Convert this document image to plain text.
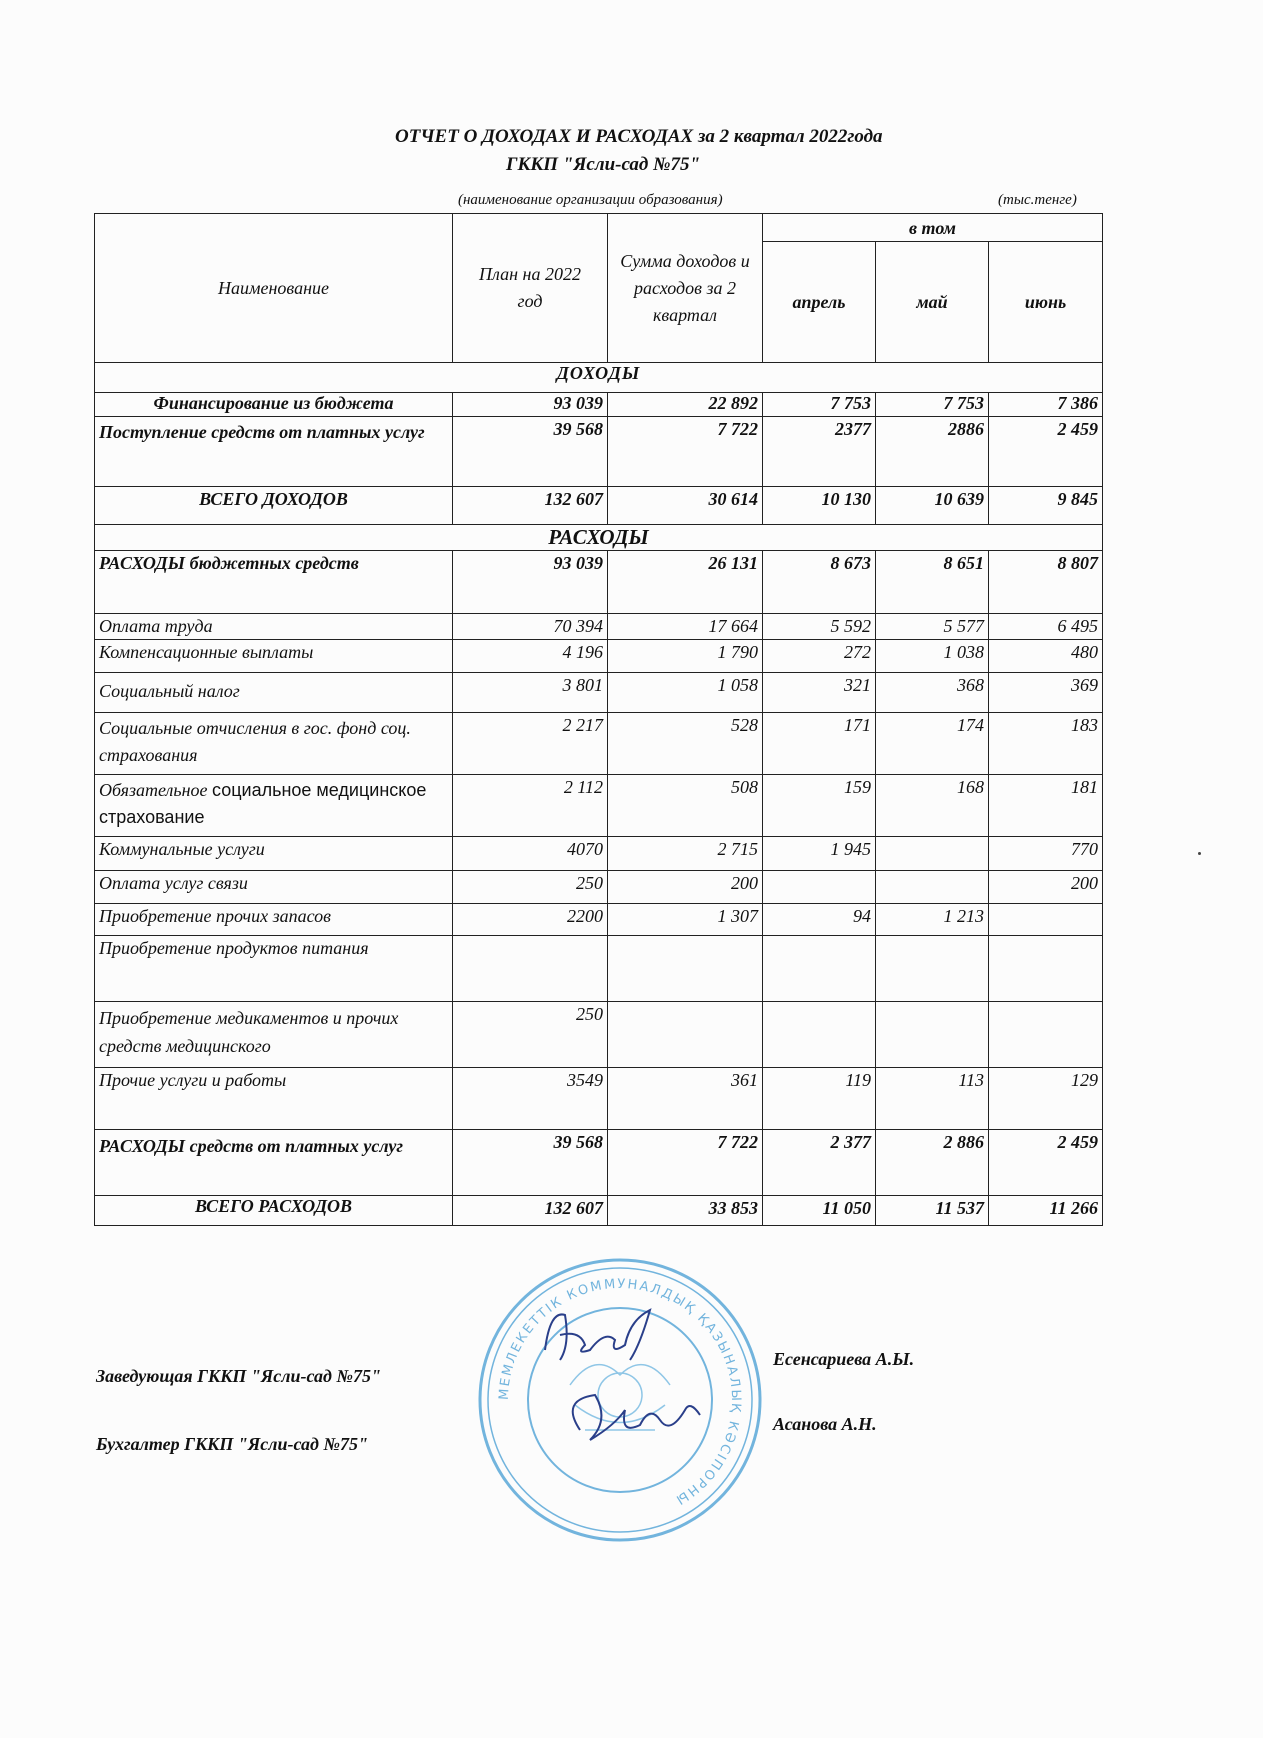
ОТЧЕТ О ДОХОДАХ И РАСХОДАХ за 2 квартал 2022года
ГККП "Ясли-сад №75"
(наименование организации образования)	(тыс.тенге)
Наименование	План на 2022 год	Сумма доходов и расходов за 2 квартал	в том		
			апрель	май	июнь
ДОХОДЫ					
Финансирование из бюджета	93 039	22 892	7 753	7 753	7 386
Поступление средств от платных услуг	39 568	7 722	2377	2886	2 459
ВСЕГО ДОХОДОВ	132 607	30 614	10 130	10 639	9 845
РАСХОДЫ					
РАСХОДЫ бюджетных средств	93 039	26 131	8 673	8 651	8 807
Оплата труда	70 394	17 664	5 592	5 577	6 495
Компенсационные выплаты	4 196	1 790	272	1 038	480
Социальный налог	3 801	1 058	321	368	369
Социальные отчисления в гос. фонд соц. страхования	2 217	528	171	174	183
Обязательное социальное медицинское страхование	2 112	508	159	168	181
Коммунальные услуги	4070	2 715	1 945		770
Оплата услуг связи	250	200			200
Приобретение прочих запасов	2200	1 307	94	1 213	
Приобретение продуктов питания					
Приобретение медикаментов и прочих средств медицинского	250				
Прочие услуги и работы	3549	361	119	113	129
РАСХОДЫ средств от платных услуг	39 568	7 722	2 377	2 886	2 459
ВСЕГО РАСХОДОВ	132 607	33 853	11 050	11 537	11 266
МЕМЛЕКЕТТІК КОММУНАЛДЫҚ ҚАЗЫНАЛЫҚ КӘСІПОРНЫ
Заведующая ГККП "Ясли-сад №75"
Есенсариева А.Ы.
Бухгалтер ГККП "Ясли-сад №75"
Асанова А.Н.
